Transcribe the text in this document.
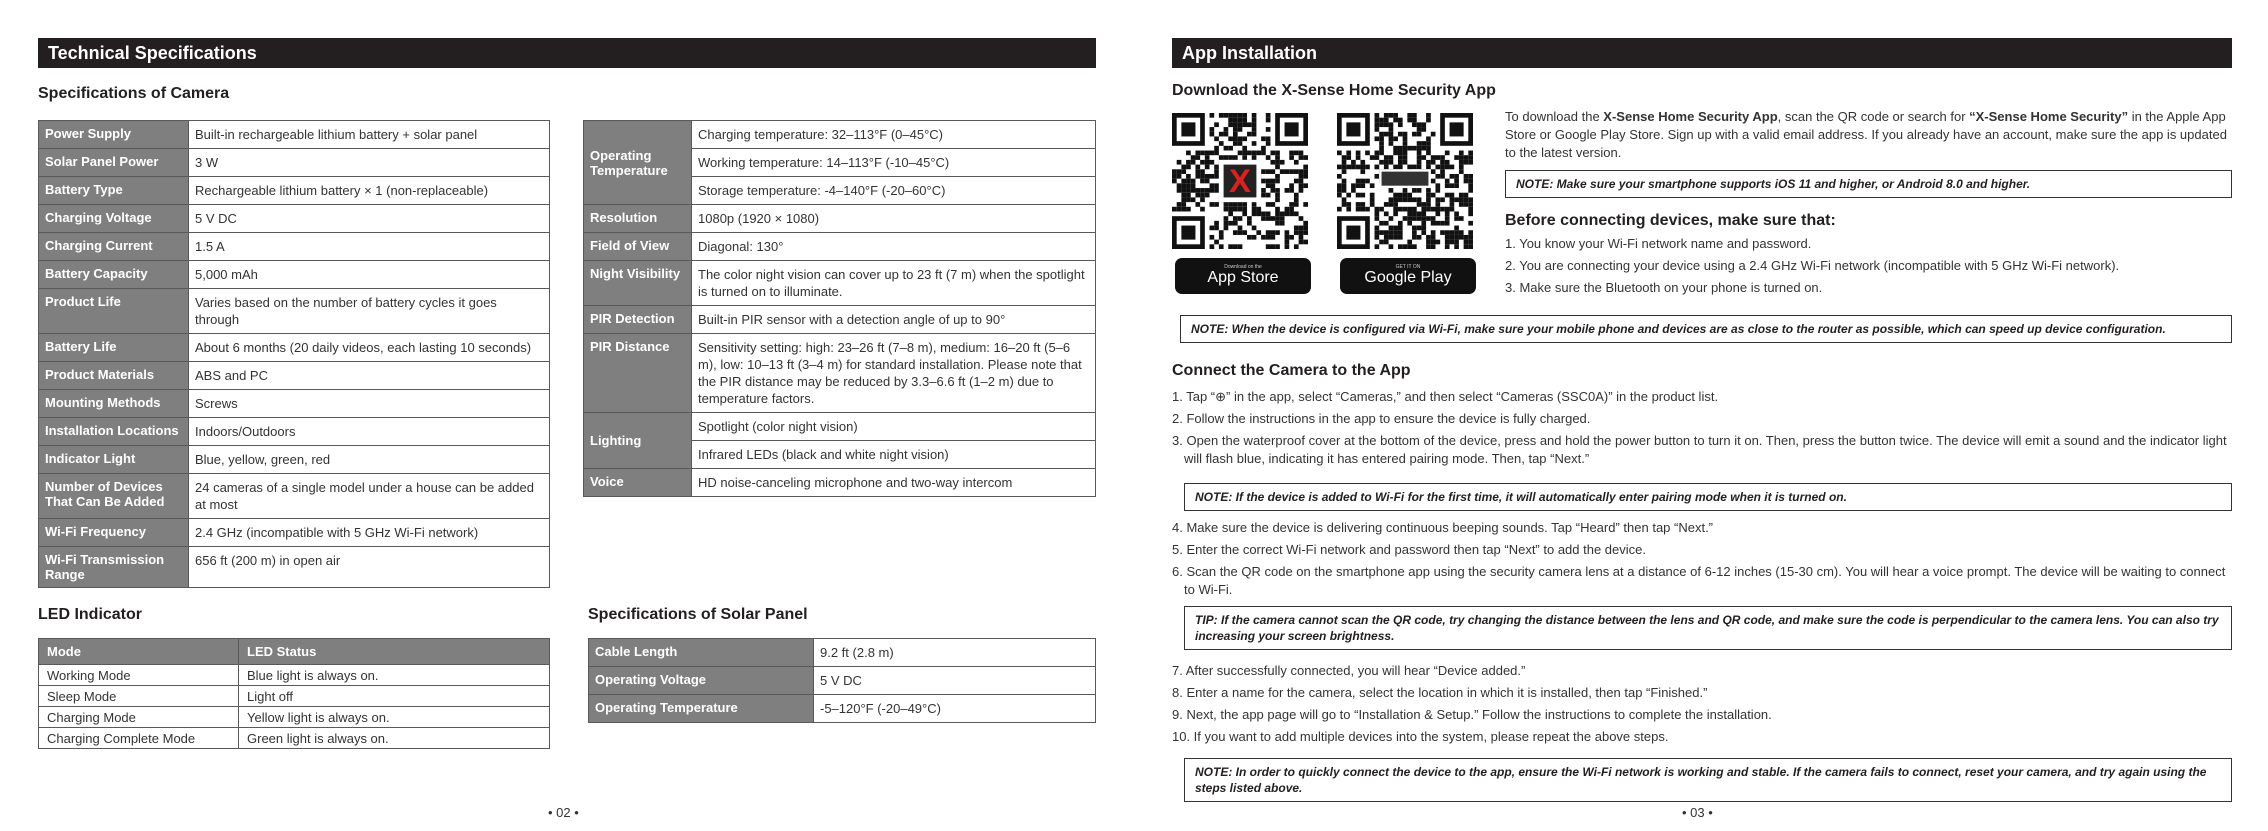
Technical Specifications
Specifications of Camera
Power Supply	Built-in rechargeable lithium battery + solar panel
Solar Panel Power	3 W
Battery Type	Rechargeable lithium battery × 1 (non-replaceable)
Charging Voltage	5 V DC
Charging Current	1.5 A
Battery Capacity	5,000 mAh
Product Life	Varies based on the number of battery cycles it goes through
Battery Life	About 6 months (20 daily videos, each lasting 10 seconds)
Product Materials	ABS and PC
Mounting Methods	Screws
Installation Locations	Indoors/Outdoors
Indicator Light	Blue, yellow, green, red
Number of Devices That Can Be Added	24 cameras of a single model under a house can be added at most
Wi-Fi Frequency	2.4 GHz (incompatible with 5 GHz Wi-Fi network)
Wi-Fi Transmission Range	656 ft (200 m) in open air
Operating Temperature	Charging temperature: 32–113°F (0–45°C)
	Working temperature: 14–113°F (-10–45°C)
	Storage temperature: -4–140°F (-20–60°C)
Resolution	1080p (1920 × 1080)
Field of View	Diagonal: 130°
Night Visibility	The color night vision can cover up to 23 ft (7 m) when the spotlight is turned on to illuminate.
PIR Detection	Built-in PIR sensor with a detection angle of up to 90°
PIR Distance	Sensitivity setting: high: 23–26 ft (7–8 m), medium: 16–20 ft (5–6 m), low: 10–13 ft (3–4 m) for standard installation. Please note that the PIR distance may be reduced by 3.3–6.6 ft (1–2 m) due to temperature factors.
Lighting	Spotlight (color night vision)
	Infrared LEDs (black and white night vision)
Voice	HD noise-canceling microphone and two-way intercom
LED Indicator
Mode	LED Status
Working Mode	Blue light is always on.
Sleep Mode	Light off
Charging Mode	Yellow light is always on.
Charging Complete Mode	Green light is always on.
Specifications of Solar Panel
Cable Length	9.2 ft (2.8 m)
Operating Voltage	5 V DC
Operating Temperature	-5–120°F (-20–49°C)
• 02 •
App Installation
Download the X-Sense Home Security App
X
Download on the
App Store
GET IT ON
Google Play
To download the X-Sense Home Security App, scan the QR code or search for “X-Sense Home Security” in the Apple App Store or Google Play Store. Sign up with a valid email address. If you already have an account, make sure the app is updated to the latest version.
NOTE: Make sure your smartphone supports iOS 11 and higher, or Android 8.0 and higher.
Before connecting devices, make sure that:
1. You know your Wi-Fi network name and password.
2. You are connecting your device using a 2.4 GHz Wi-Fi network (incompatible with 5 GHz Wi-Fi network).
3. Make sure the Bluetooth on your phone is turned on.
NOTE: When the device is configured via Wi-Fi, make sure your mobile phone and devices are as close to the router as possible, which can speed up device configuration.
Connect the Camera to the App
1. Tap “⊕” in the app, select “Cameras,” and then select “Cameras (SSC0A)” in the product list.
2. Follow the instructions in the app to ensure the device is fully charged.
3. Open the waterproof cover at the bottom of the device, press and hold the power button to turn it on. Then, press the button twice. The device will emit a sound and the indicator light will flash blue, indicating it has entered pairing mode. Then, tap “Next.”
NOTE: If the device is added to Wi-Fi for the first time, it will automatically enter pairing mode when it is turned on.
4. Make sure the device is delivering continuous beeping sounds. Tap “Heard” then tap “Next.”
5. Enter the correct Wi-Fi network and password then tap “Next” to add the device.
6. Scan the QR code on the smartphone app using the security camera lens at a distance of 6-12 inches (15-30 cm). You will hear a voice prompt. The device will be waiting to connect to Wi-Fi.
TIP: If the camera cannot scan the QR code, try changing the distance between the lens and QR code, and make sure the code is perpendicular to the camera lens. You can also try increasing your screen brightness.
7. After successfully connected, you will hear “Device added.”
8. Enter a name for the camera, select the location in which it is installed, then tap “Finished.”
9. Next, the app page will go to “Installation & Setup.” Follow the instructions to complete the installation.
10. If you want to add multiple devices into the system, please repeat the above steps.
NOTE: In order to quickly connect the device to the app, ensure the Wi-Fi network is working and stable. If the camera fails to connect, reset your camera, and try again using the steps listed above.
• 03 •
